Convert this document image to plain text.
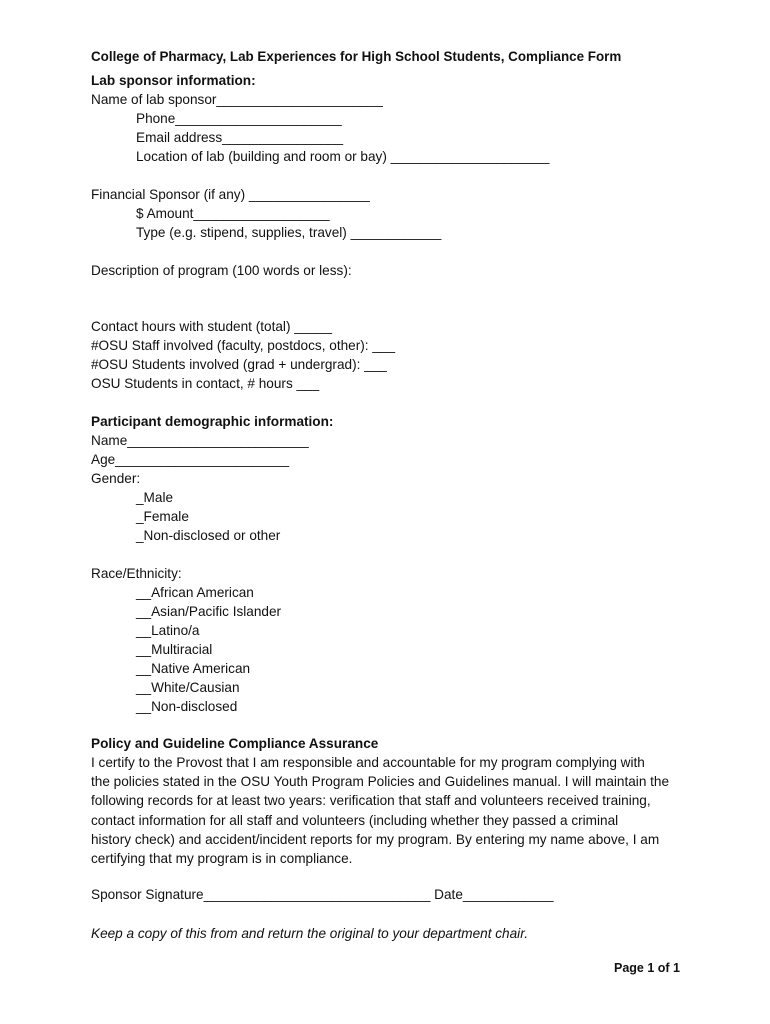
College of Pharmacy, Lab Experiences for High School Students, Compliance Form
Lab sponsor information:
Name of lab sponsor______________________
Phone______________________
Email address________________
Location of lab (building and room or bay) _____________________
Financial Sponsor (if any) ________________
$ Amount__________________
Type (e.g. stipend, supplies, travel) ____________
Description of program (100 words or less):
Contact hours with student (total) _____
#OSU Staff involved (faculty, postdocs, other): ___
#OSU Students involved (grad + undergrad): ___
OSU Students in contact, # hours ___
Participant demographic information:
Name________________________
Age_______________________
Gender:
_Male
_Female
_Non-disclosed or other
Race/Ethnicity:
__African American
__Asian/Pacific Islander
__Latino/a
__Multiracial
__Native American
__White/Causian
__Non-disclosed
Policy and Guideline Compliance Assurance
I certify to the Provost that I am responsible and accountable for my program complying with
the policies stated in the OSU Youth Program Policies and Guidelines manual. I will maintain the
following records for at least two years: verification that staff and volunteers received training,
contact information for all staff and volunteers (including whether they passed a criminal
history check) and accident/incident reports for my program. By entering my name above, I am
certifying that my program is in compliance.
Sponsor Signature______________________________ Date____________
Keep a copy of this from and return the original to your department chair.
Page 1 of 1
